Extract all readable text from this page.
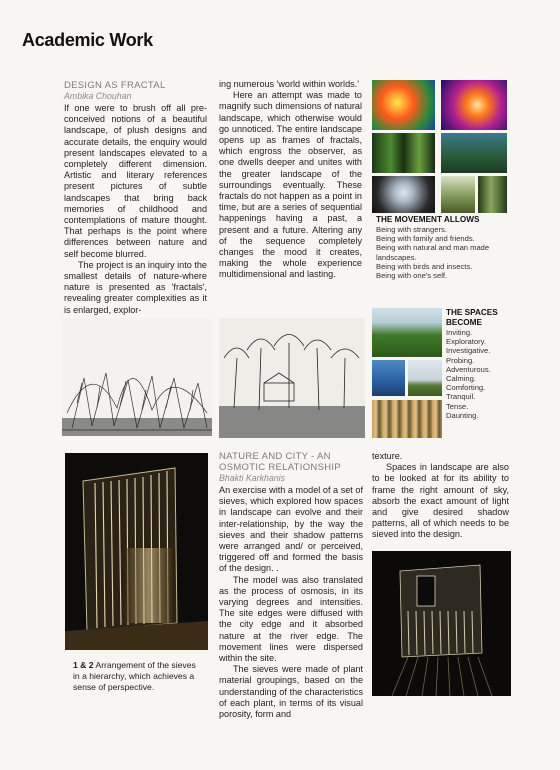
Academic Work
DESIGN AS FRACTAL
Ambika Chouhan

If one were to brush off all pre-conceived notions of a beautiful landscape, of plush designs and accurate details, the enquiry would present landscapes elevated to a completely different dimension. Artistic and literary references present pictures of subtle landscapes that bring back memories of childhood and contemplations of mature thought. That perhaps is the point where differences between nature and self become blurred.

The project is an inquiry into the smallest details of nature-where nature is presented as 'fractals', revealing greater complexities as it is enlarged, explor-

ing numerous 'world within worlds.'

Here an attempt was made to magnify such dimensions of natural landscape, which otherwise would go unnoticed. The entire landscape opens up as frames of fractals, which engross the observer, as one dwells deeper and unites with the greater landscape of the surroundings eventually. These fractals do not happen as a point in time, but are a series of sequential happenings having a past, a present and a future. Altering any of the sequence completely changes the mood it creates, making the whole experience multidimensional and lasting.

THE MOVEMENT ALLOWS
Being with strangers.
Being with family and friends.
Being with natural and man made landscapes.
Being with birds and insects.
Being with one's self.
THE SPACES
BECOME
Inviting.
Exploratory.
Investigative.
Probing.
Adventurous.
Calming.
Comforting.
Tranquil.
Tense.
Daunting.
1 & 2 Arrangement of the sieves in a hierarchy, which achieves a sense of perspective.
NATURE AND CITY - AN
OSMOTIC RELATIONSHIP
Bhakti Karkhanis

An exercise with a model of a set of sieves, which explored how spaces in landscape can evolve and their inter-relationship, by the way the sieves and their shadow patterns were arranged and/ or perceived, triggered off and formed the basis of the design. .

The model was also translated as the process of osmosis, in its varying degrees and intensities. The site edges were diffused with the city edge and it absorbed nature at the river edge. The movement lines were dispersed within the site.

The sieves were made of plant material groupings, based on the understanding of the characteristics of each plant, in terms of its visual porosity, form and

texture.

Spaces in landscape are also to be looked at for its ability to frame the right amount of sky, absorb the exact amount of light and give desired shadow patterns, all of which needs to be sieved into the design.
